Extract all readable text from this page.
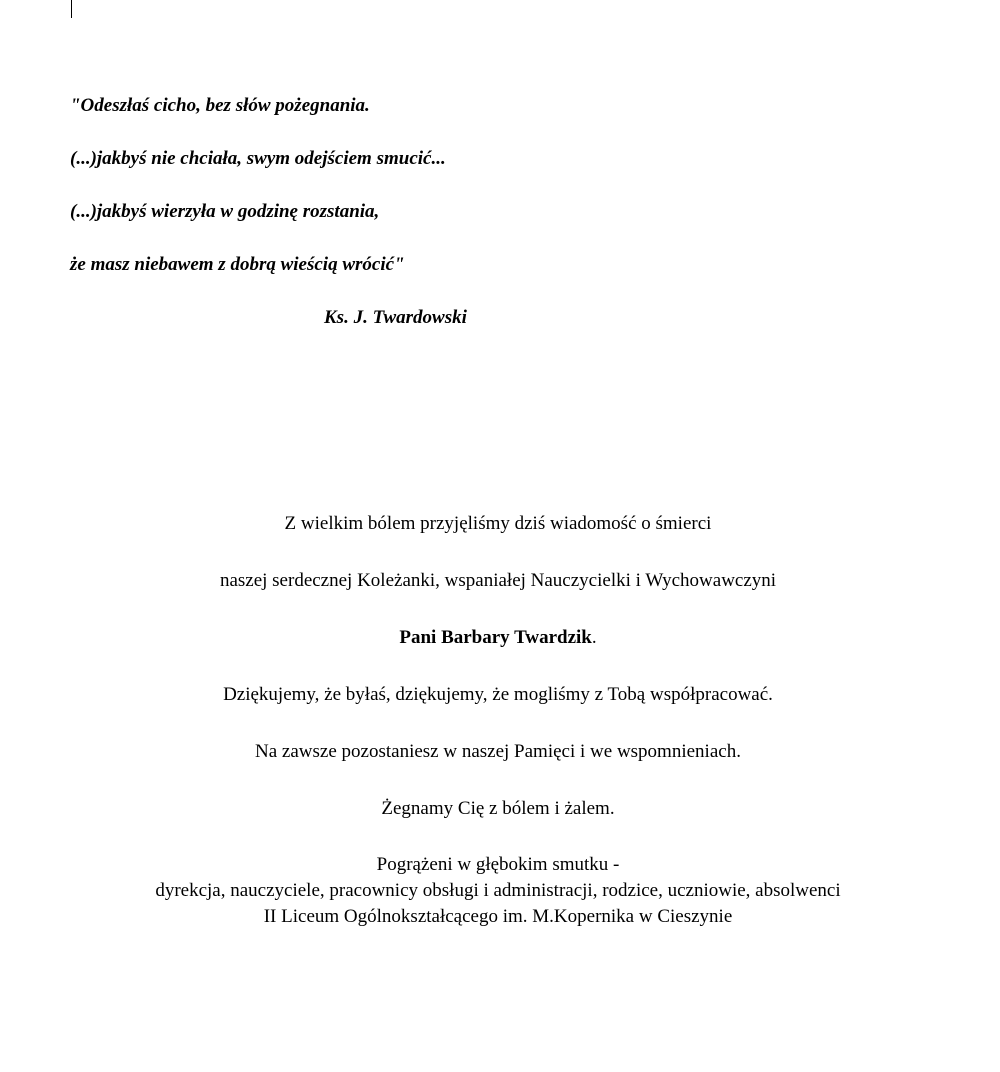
"Odeszłaś cicho, bez słów pożegnania.
(...)jakbyś nie chciała, swym odejściem smucić...
(...)jakbyś wierzyła w godzinę rozstania,
że masz niebawem z dobrą wieścią wrócić"
Ks. J. Twardowski

Z wielkim bólem przyjęliśmy dziś wiadomość o śmierci

naszej serdecznej Koleżanki, wspaniałej Nauczycielki i Wychowawczyni

Pani Barbary Twardzik.

Dziękujemy, że byłaś, dziękujemy, że mogliśmy z Tobą współpracować.

Na zawsze pozostaniesz w naszej Pamięci i we wspomnieniach.

Żegnamy Cię z bólem i żalem.

Pogrążeni w głębokim smutku -
dyrekcja, nauczyciele, pracownicy obsługi i administracji, rodzice, uczniowie, absolwenci
II Liceum Ogólnokształcącego im. M.Kopernika w Cieszynie
